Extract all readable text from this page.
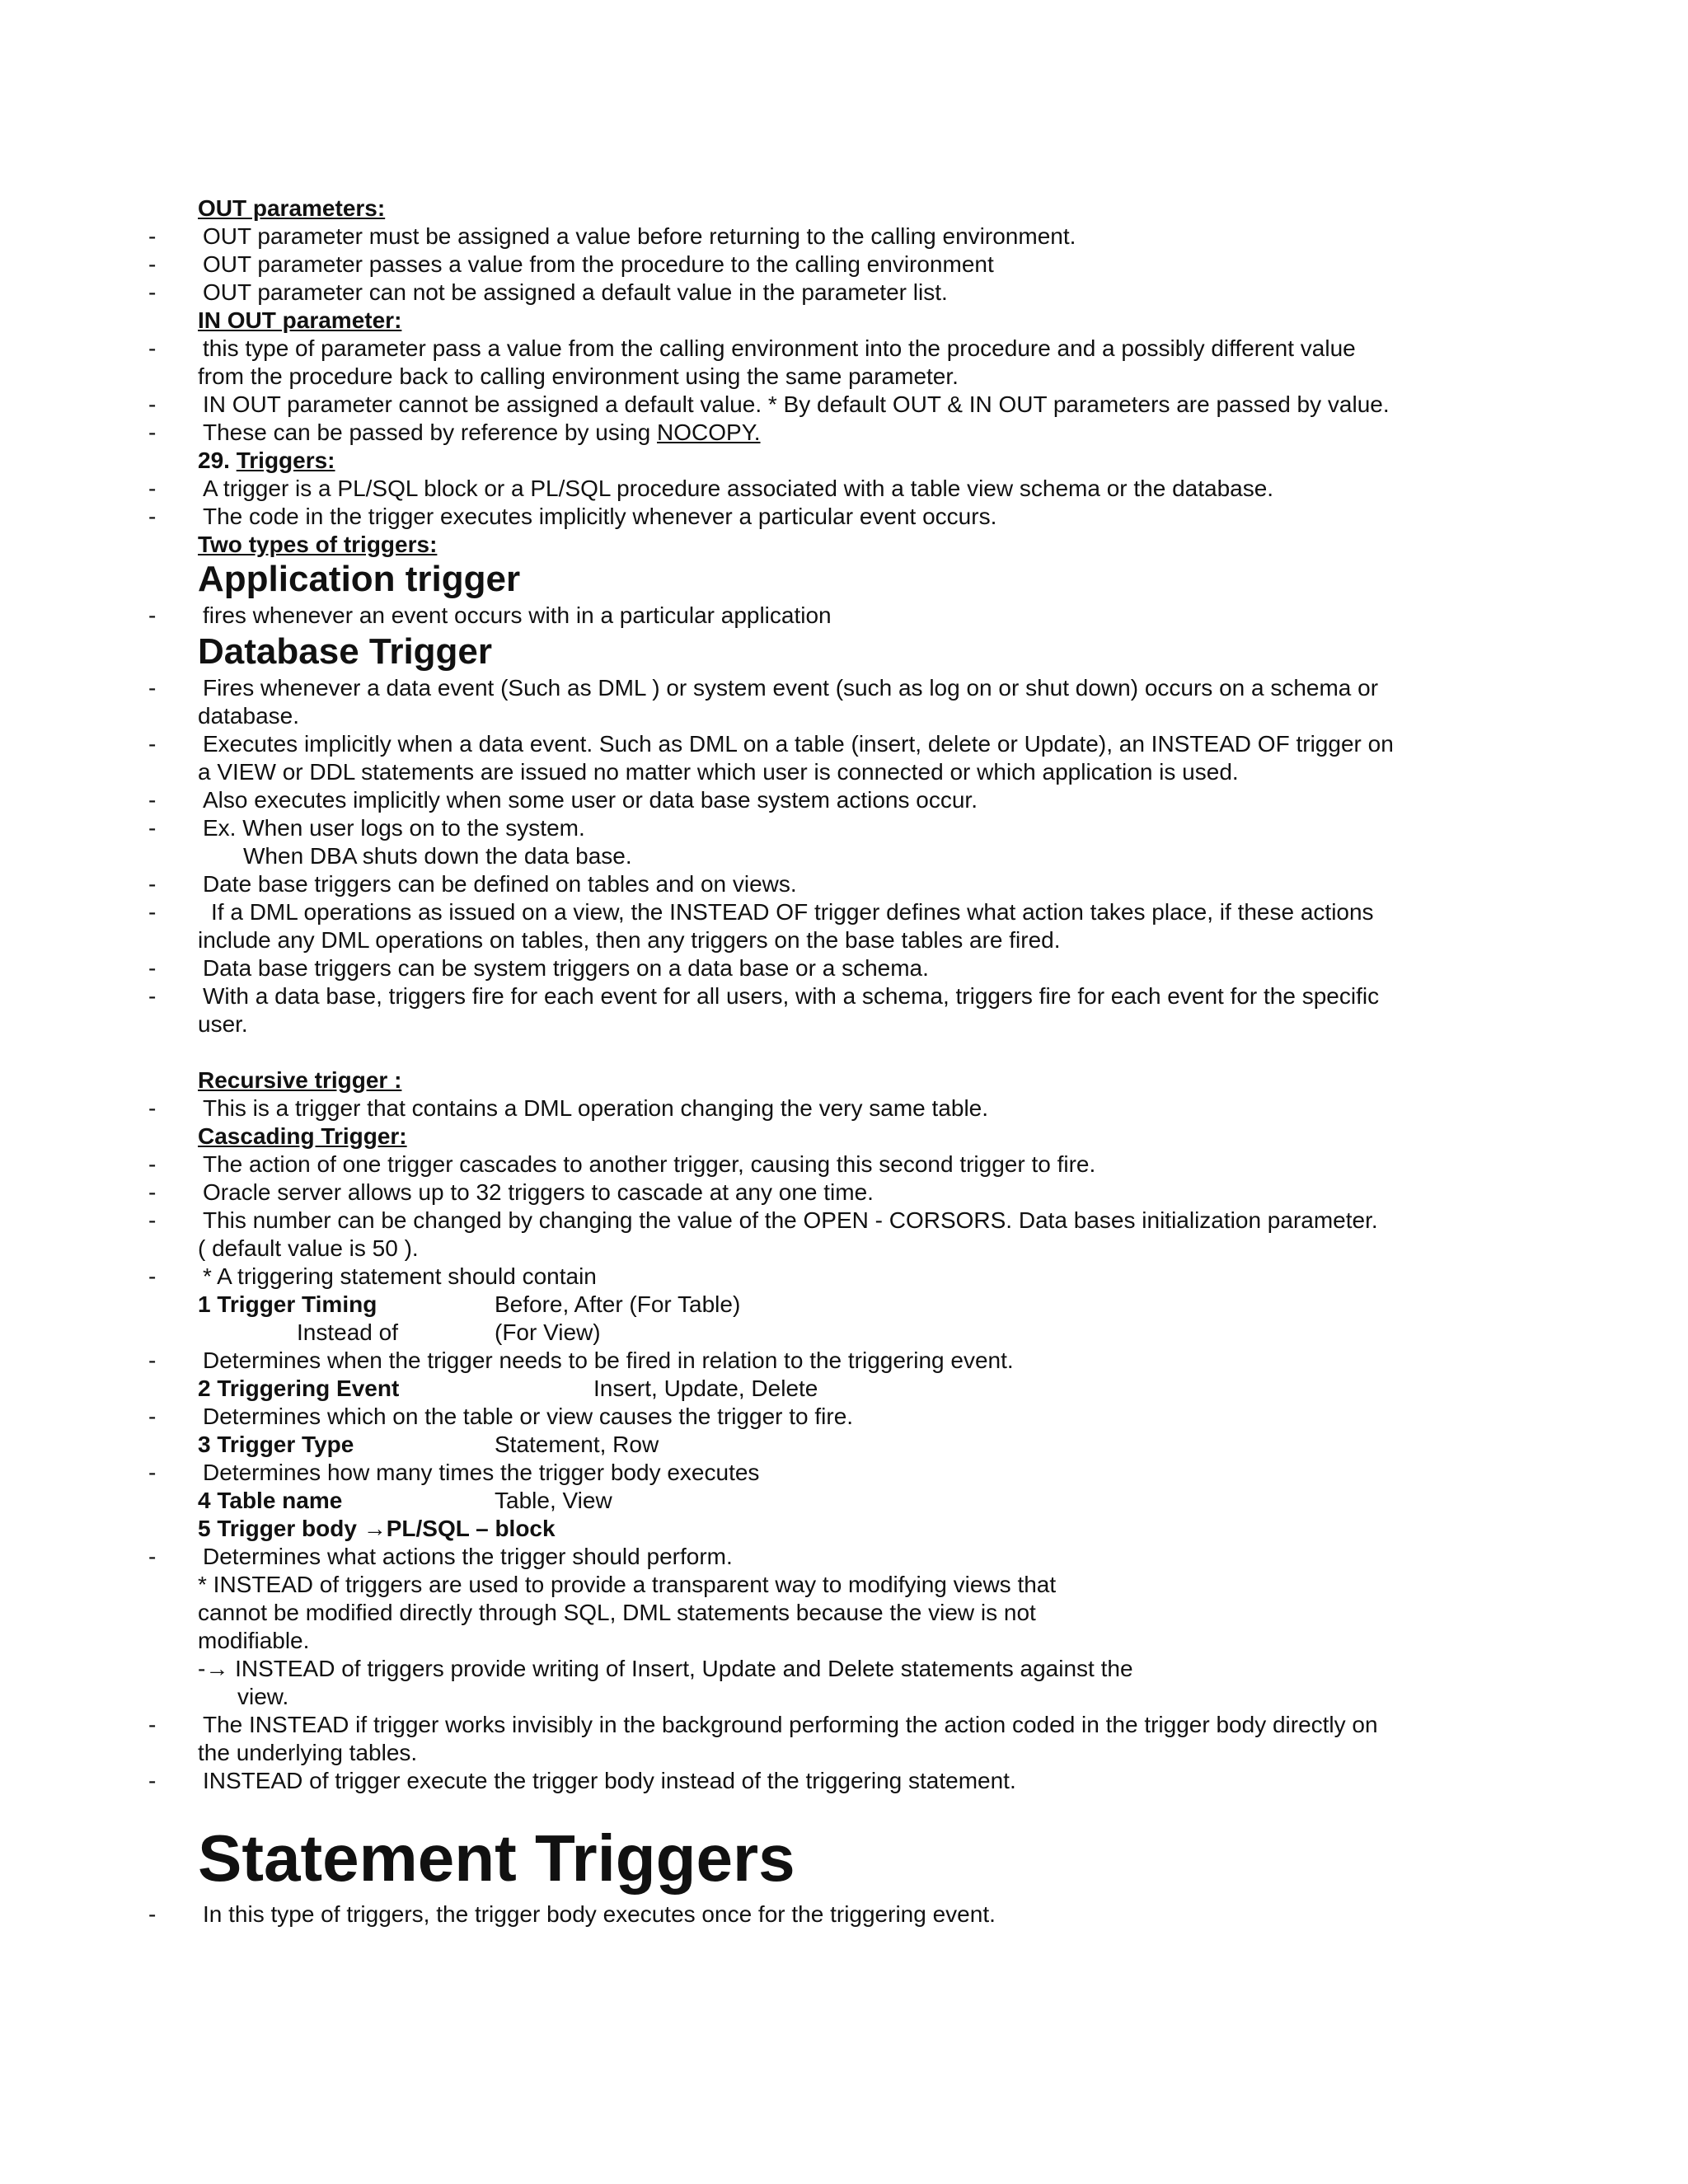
OUT parameters:
- OUT parameter must be assigned a value before returning to the calling environment.
- OUT parameter passes a value from the procedure to the calling environment
- OUT parameter can not be assigned a default value in the parameter list.
IN OUT parameter:
- this type of parameter pass a value from the calling environment into the procedure and a possibly different value
from the procedure back to calling environment using the same parameter.
- IN OUT parameter cannot be assigned a default value. * By default OUT & IN OUT parameters are passed by value.
- These can be passed by reference by using NOCOPY.
29. Triggers:
- A trigger is a PL/SQL block or a PL/SQL procedure associated with a table view schema or the database.
- The code in the trigger executes implicitly whenever a particular event occurs.
Two types of triggers:
Application trigger
- fires whenever an event occurs with in a particular application
Database Trigger
- Fires whenever a data event (Such as DML ) or system event (such as log on or shut down) occurs on a schema or
database.
- Executes implicitly when a data event. Such as DML on a table (insert, delete or Update), an INSTEAD OF trigger on
a VIEW or DDL statements are issued no matter which user is connected or which application is used.
- Also executes implicitly when some user or data base system actions occur.
- Ex. When user logs on to the system.
When DBA shuts down the data base.
- Date base triggers can be defined on tables and on views.
- If a DML operations as issued on a view, the INSTEAD OF trigger defines what action takes place, if these actions
include any DML operations on tables, then any triggers on the base tables are fired.
- Data base triggers can be system triggers on a data base or a schema.
- With a data base, triggers fire for each event for all users, with a schema, triggers fire for each event for the specific
user.
Recursive trigger :
- This is a trigger that contains a DML operation changing the very same table.
Cascading Trigger:
- The action of one trigger cascades to another trigger, causing this second trigger to fire.
- Oracle server allows up to 32 triggers to cascade at any one time.
- This number can be changed by changing the value of the OPEN - CORSORS. Data bases initialization parameter.
( default value is 50 ).
- * A triggering statement should contain
1 Trigger Timing	Before, After (For Table)
Instead of	(For View)
- Determines when the trigger needs to be fired in relation to the triggering event.
2 Triggering Event	Insert, Update, Delete
- Determines which on the table or view causes the trigger to fire.
3 Trigger Type	Statement, Row
- Determines how many times the trigger body executes
4 Table name	Table, View
5 Trigger body →PL/SQL – block
- Determines what actions the trigger should perform.
* INSTEAD of triggers are used to provide a transparent way to modifying views that
cannot be modified directly through SQL, DML statements because the view is not
modifiable.
-→ INSTEAD of triggers provide writing of Insert, Update and Delete statements against the
view.
- The INSTEAD if trigger works invisibly in the background performing the action coded in the trigger body directly on
the underlying tables.
- INSTEAD of trigger execute the trigger body instead of the triggering statement.
Statement Triggers
- In this type of triggers, the trigger body executes once for the triggering event.
